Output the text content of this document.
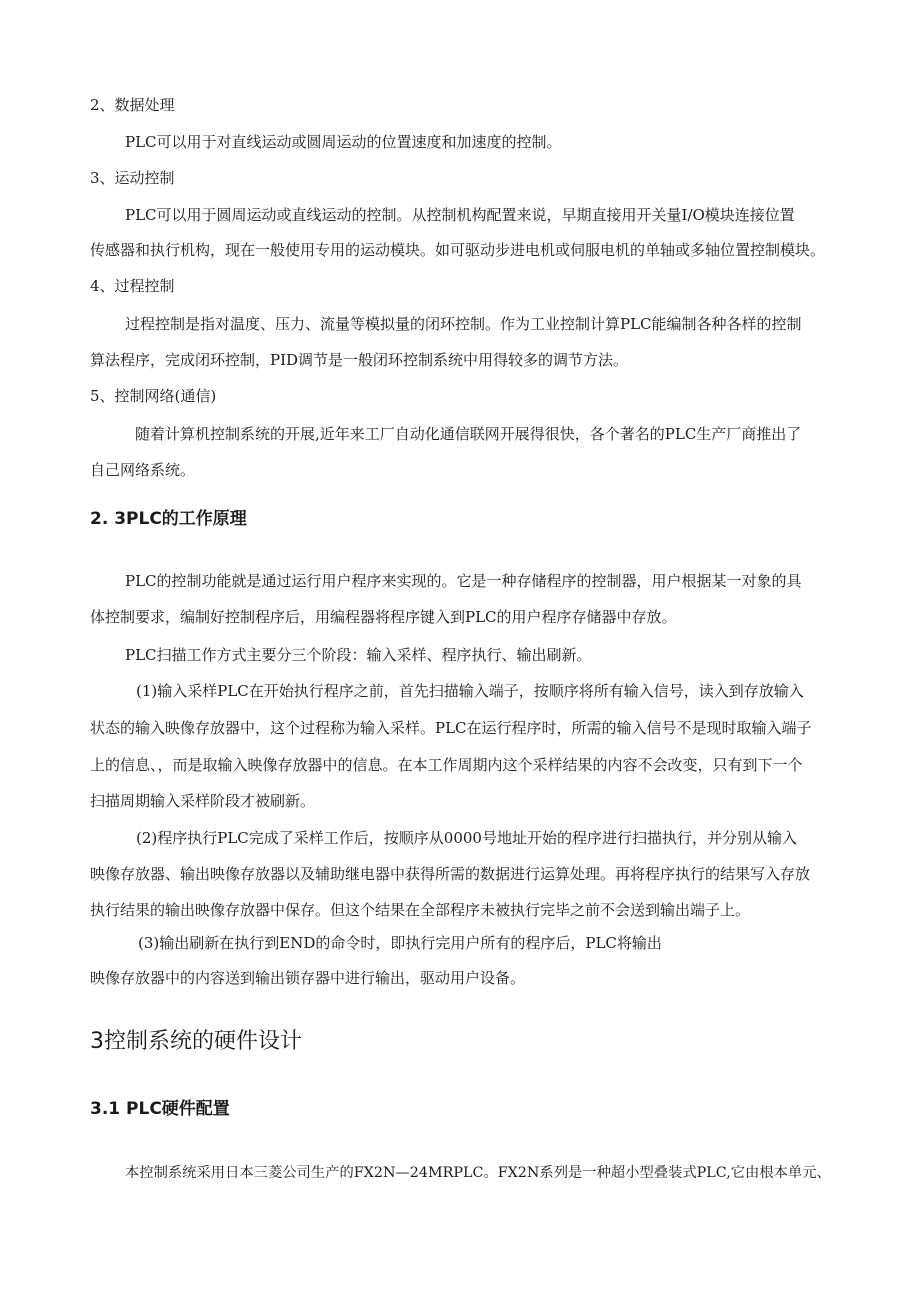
2、数据处理
PLC可以用于对直线运动或圆周运动的位置速度和加速度的控制。
3、运动控制
PLC可以用于圆周运动或直线运动的控制。从控制机构配置来说，早期直接用开关量I/O模块连接位置
传感器和执行机构，现在一般使用专用的运动模块。如可驱动步进电机或伺服电机的单轴或多轴位置控制模块。
4、过程控制
过程控制是指对温度、压力、流量等模拟量的闭环控制。作为工业控制计算PLC能编制各种各样的控制
算法程序，完成闭环控制，PID调节是一般闭环控制系统中用得较多的调节方法。
5、控制网络(通信)
随着计算机控制系统的开展,近年来工厂自动化通信联网开展得很快，各个著名的PLC生产厂商推出了
自己网络系统。
2. 3PLC的工作原理
PLC的控制功能就是通过运行用户程序来实现的。它是一种存储程序的控制器，用户根据某一对象的具
体控制要求，编制好控制程序后，用编程器将程序键入到PLC的用户程序存储器中存放。
PLC扫描工作方式主要分三个阶段：输入采样、程序执行、输出刷新。
(1)输入采样PLC在开始执行程序之前，首先扫描输入端子，按顺序将所有输入信号，读入到存放输入
状态的输入映像存放器中，这个过程称为输入采样。PLC在运行程序时，所需的输入信号不是现时取输入端子
上的信息、，而是取输入映像存放器中的信息。在本工作周期内这个采样结果的内容不会改变，只有到下一个
扫描周期输入采样阶段才被刷新。
(2)程序执行PLC完成了采样工作后，按顺序从0000号地址开始的程序进行扫描执行，并分别从输入
映像存放器、输出映像存放器以及辅助继电器中获得所需的数据进行运算处理。再将程序执行的结果写入存放
执行结果的输出映像存放器中保存。但这个结果在全部程序未被执行完毕之前不会送到输出端子上。
(3)输出刷新在执行到END的命令时，即执行完用户所有的程序后，PLC将输出
映像存放器中的内容送到输出锁存器中进行输出，驱动用户设备。
3控制系统的硬件设计
3.1 PLC硬件配置
本控制系统采用日本三菱公司生产的FX2N—24MRPLC。FX2N系列是一种超小型叠装式PLC,它由根本单元、
